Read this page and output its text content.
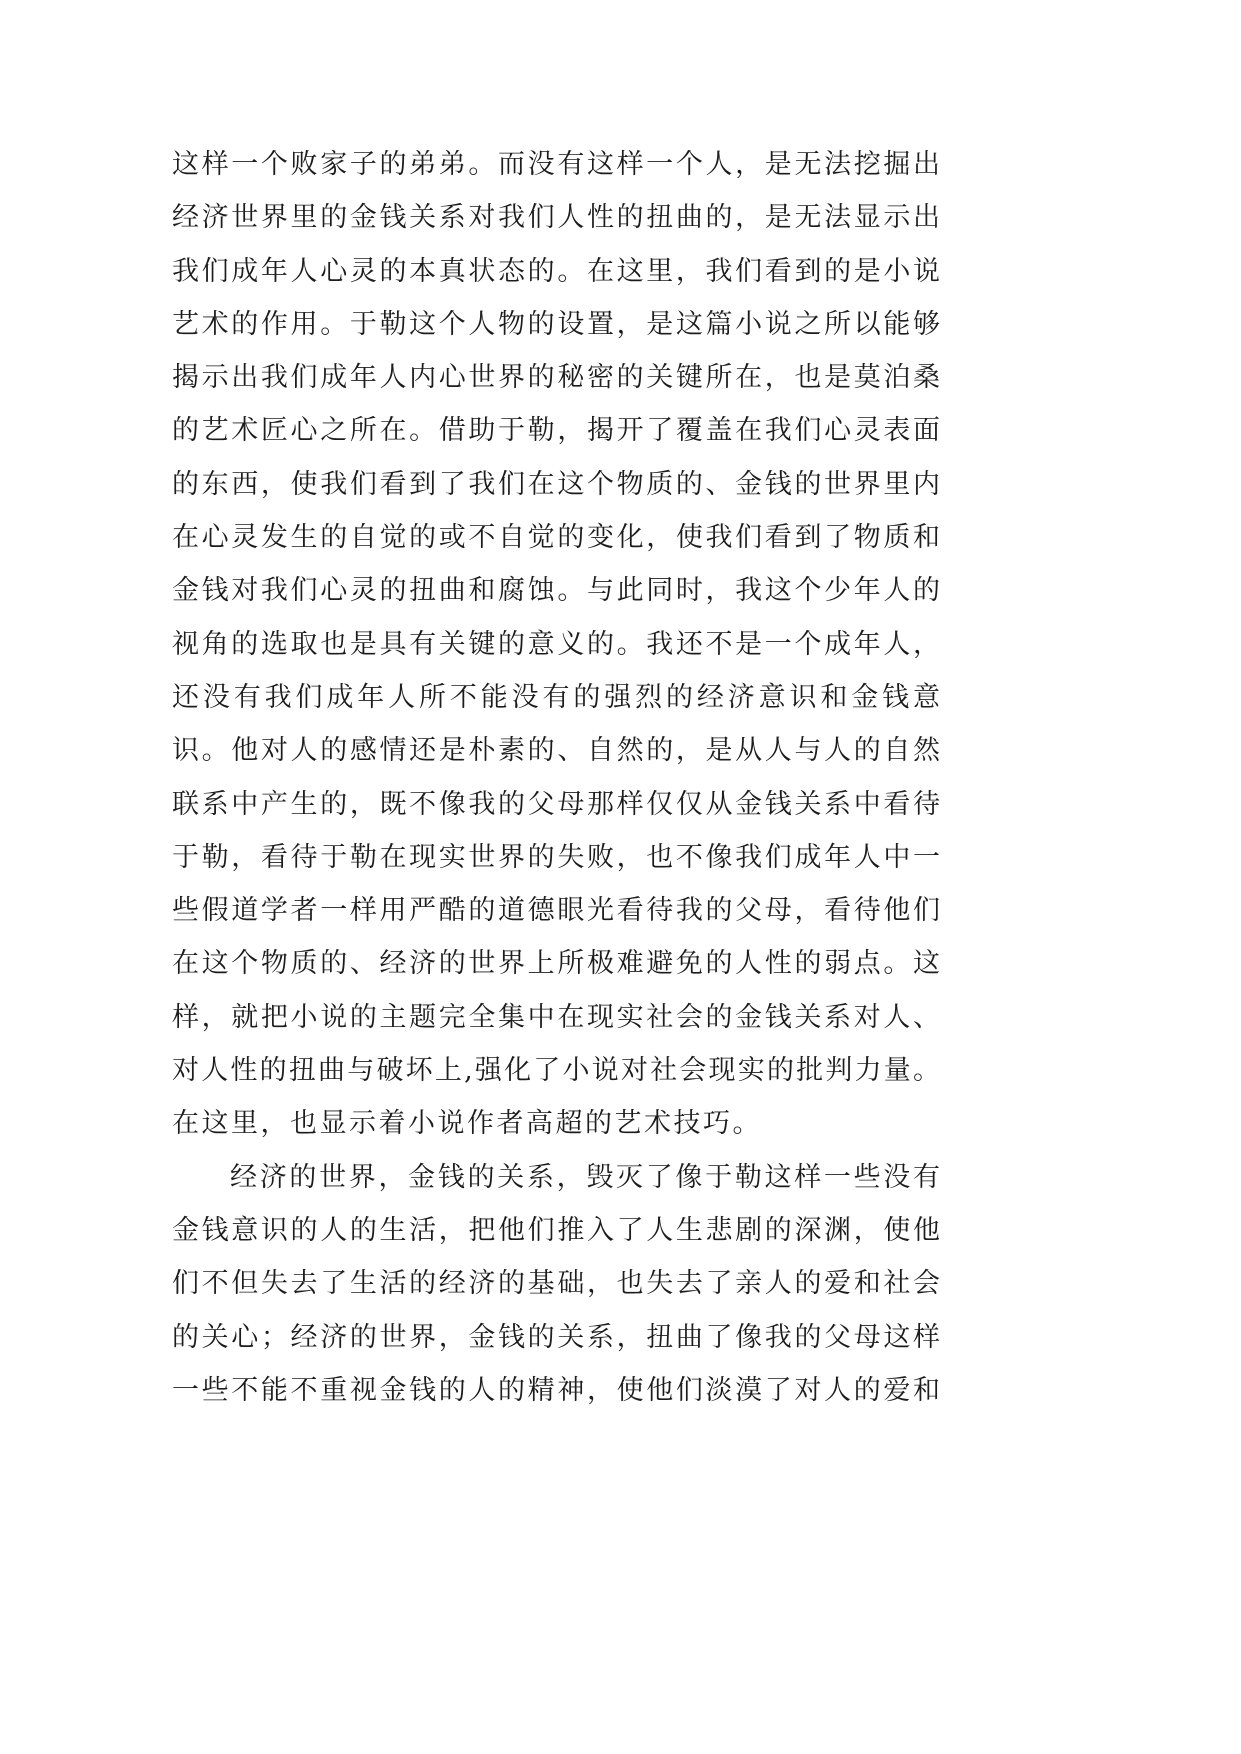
这样一个败家子的弟弟。而没有这样一个人，是无法挖掘出
经济世界里的金钱关系对我们人性的扭曲的，是无法显示出
我们成年人心灵的本真状态的。在这里，我们看到的是小说
艺术的作用。于勒这个人物的设置，是这篇小说之所以能够
揭示出我们成年人内心世界的秘密的关键所在，也是莫泊桑
的艺术匠心之所在。借助于勒，揭开了覆盖在我们心灵表面
的东西，使我们看到了我们在这个物质的、金钱的世界里内
在心灵发生的自觉的或不自觉的变化，使我们看到了物质和
金钱对我们心灵的扭曲和腐蚀。与此同时，我这个少年人的
视角的选取也是具有关键的意义的。我还不是一个成年人，
还没有我们成年人所不能没有的强烈的经济意识和金钱意
识。他对人的感情还是朴素的、自然的，是从人与人的自然
联系中产生的，既不像我的父母那样仅仅从金钱关系中看待
于勒，看待于勒在现实世界的失败，也不像我们成年人中一
些假道学者一样用严酷的道德眼光看待我的父母，看待他们
在这个物质的、经济的世界上所极难避免的人性的弱点。这
样，就把小说的主题完全集中在现实社会的金钱关系对人、
对人性的扭曲与破坏上,强化了小说对社会现实的批判力量。
在这里，也显示着小说作者高超的艺术技巧。
经济的世界，金钱的关系，毁灭了像于勒这样一些没有
金钱意识的人的生活，把他们推入了人生悲剧的深渊，使他
们不但失去了生活的经济的基础，也失去了亲人的爱和社会
的关心；经济的世界，金钱的关系，扭曲了像我的父母这样
一些不能不重视金钱的人的精神，使他们淡漠了对人的爱和
